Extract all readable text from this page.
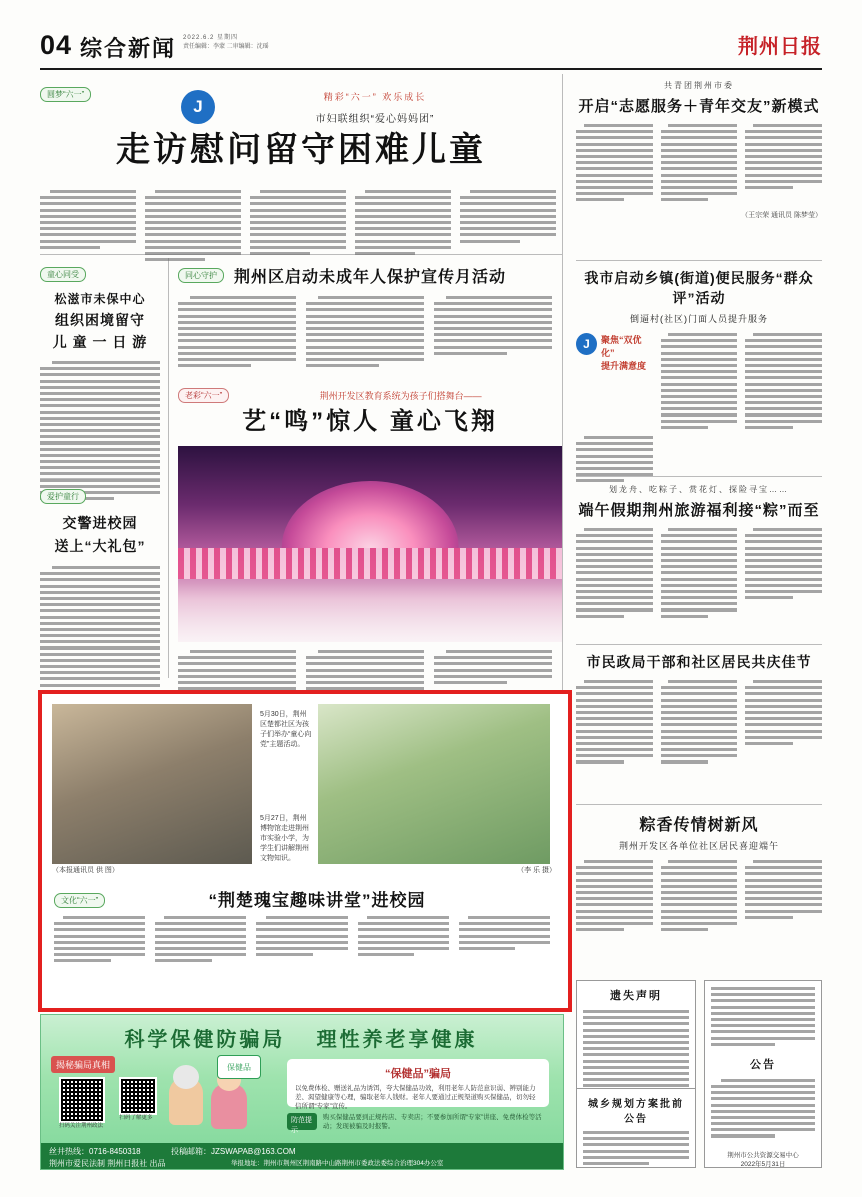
04 综合新闻 2022.6.2 星期四
责任编辑：李蒙 二审编辑：沈瑶	荆州日报
圆梦“六一”
J	精彩“六一” 欢乐成长
市妇联组织“爱心妈妈团”
走访慰问留守困难儿童
童心同受
松滋市未保中心
组织困境留守
儿 童 一 日 游
爱护童行
交警进校园
送上“大礼包”
同心守护	荆州区启动未成年人保护宣传月活动
老彩“六一”	荆州开发区教育系统为孩子们搭舞台——
艺“鸣”惊人 童心飞翔
5月27日，荆州博物馆走进荆州市实验小学，为学生们讲解荆州文物知识。
5月30日，荆州区楚都社区为孩子们举办“童心向党”主题活动。
（本报通讯员 供 图）	（李 乐 摄）
文化“六一”	“荆楚瑰宝趣味讲堂”进校园
共青团荆州市委
开启“志愿服务＋青年交友”新模式
（王宗荣 通讯员 陈梦莹）
我市启动乡镇(街道)便民服务“群众评”活动
倒逼村(社区)门面人员提升服务
J	聚焦“双优化”
提升满意度
划龙舟、吃粽子、赏花灯、探险寻宝……
端午假期荆州旅游福利接“粽”而至
市民政局干部和社区居民共庆佳节
粽香传情树新风
荆州开发区各单位社区居民喜迎端午
科学保健防骗局 理性养老享健康
揭秘骗局真相	保健品
“保健品”骗局
以免费体检、赠送礼品为诱饵，夸大保健品功效，利用老年人防范意识弱、辨别能力差、渴望健康等心理，骗取老年人钱财。老年人要通过正规渠道购买保健品，切勿轻信所谓“专家”宣传。
防范提示
购买保健品要到正规药店、专卖店；不要参加所谓“专家”讲座、免费体检等活动；发现被骗及时报警。
扫码关注荆州政法
扫码了解更多
丝井热线：0716-8450318	投稿邮箱：JZSWAPAB@163.COM
荆州市爱民法制 荆州日报社 出品	举报地址：荆州市荆州区荆南路中山路荆州市委政法委综合治理304办公室
遗失声明
城乡规划方案批前公告
公告
荆州市公共资源交易中心
2022年5月31日
